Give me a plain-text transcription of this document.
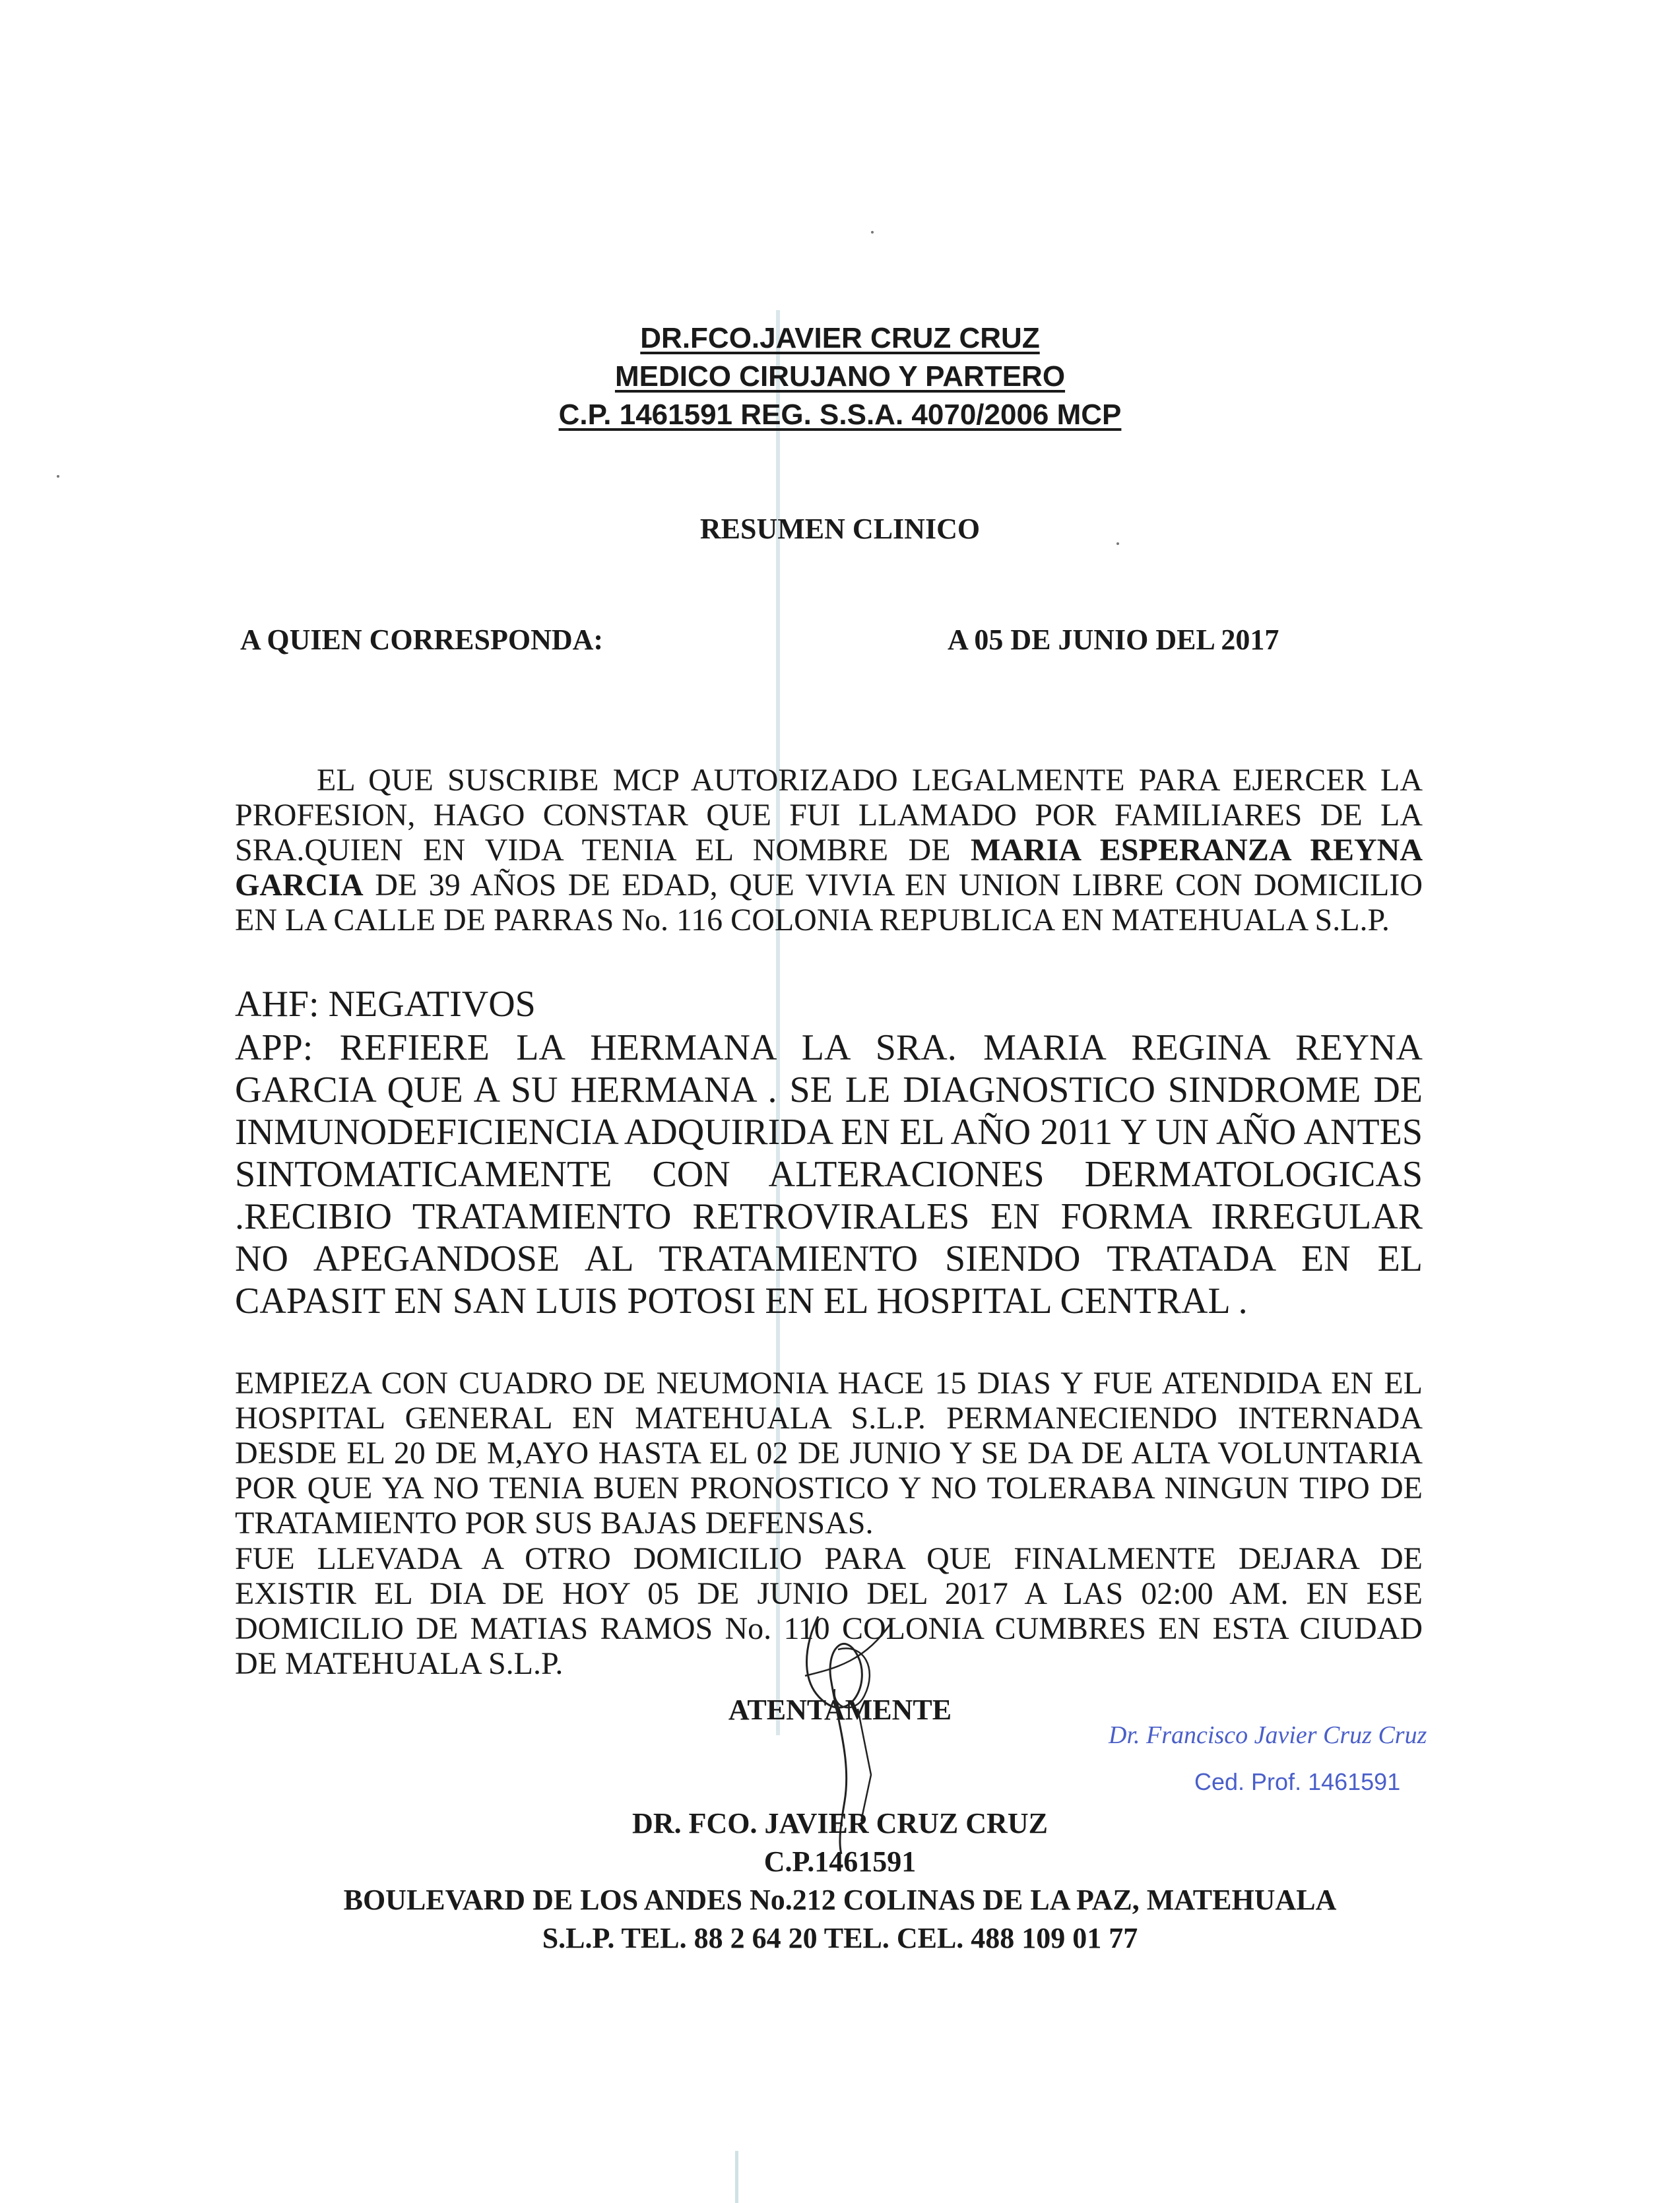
DR.FCO.JAVIER CRUZ CRUZ
MEDICO CIRUJANO Y PARTERO
C.P. 1461591 REG. S.S.A. 4070/2006 MCP
RESUMEN CLINICO
A QUIEN CORRESPONDA:	A 05 DE JUNIO DEL 2017

EL QUE SUSCRIBE MCP AUTORIZADO LEGALMENTE PARA EJERCER LA PROFESION, HAGO CONSTAR QUE FUI LLAMADO POR FAMILIARES DE LA SRA.QUIEN EN VIDA TENIA EL NOMBRE DE MARIA ESPERANZA REYNA GARCIA DE 39 AÑOS DE EDAD, QUE VIVIA EN UNION LIBRE CON DOMICILIO EN LA CALLE DE PARRAS No. 116 COLONIA REPUBLICA EN MATEHUALA S.L.P.

AHF: NEGATIVOS
APP: REFIERE LA HERMANA LA SRA. MARIA REGINA REYNA GARCIA QUE A SU HERMANA . SE LE DIAGNOSTICO SINDROME DE INMUNODEFICIENCIA ADQUIRIDA EN EL AÑO 2011 Y UN AÑO ANTES SINTOMATICAMENTE CON ALTERACIONES DERMATOLOGICAS .RECIBIO TRATAMIENTO RETROVIRALES EN FORMA IRREGULAR NO APEGANDOSE AL TRATAMIENTO SIENDO TRATADA EN EL CAPASIT EN SAN LUIS POTOSI EN EL HOSPITAL CENTRAL .

EMPIEZA CON CUADRO DE NEUMONIA HACE 15 DIAS Y FUE ATENDIDA EN EL HOSPITAL GENERAL EN MATEHUALA S.L.P. PERMANECIENDO INTERNADA DESDE EL 20 DE M,AYO HASTA EL 02 DE JUNIO Y SE DA DE ALTA VOLUNTARIA POR QUE YA NO TENIA BUEN PRONOSTICO Y NO TOLERABA NINGUN TIPO DE TRATAMIENTO POR SUS BAJAS DEFENSAS.

FUE LLEVADA A OTRO DOMICILIO PARA QUE FINALMENTE DEJARA DE EXISTIR EL DIA DE HOY 05 DE JUNIO DEL 2017 A LAS 02:00 AM. EN ESE DOMICILIO DE MATIAS RAMOS No. 110 COLONIA CUMBRES EN ESTA CIUDAD DE MATEHUALA S.L.P.

ATENTAMENTE
Dr. Francisco Javier Cruz Cruz
Ced. Prof. 1461591
DR. FCO. JAVIER CRUZ CRUZ
C.P.1461591
BOULEVARD DE LOS ANDES No.212 COLINAS DE LA PAZ, MATEHUALA
S.L.P. TEL. 88 2 64 20 TEL. CEL. 488 109 01 77
